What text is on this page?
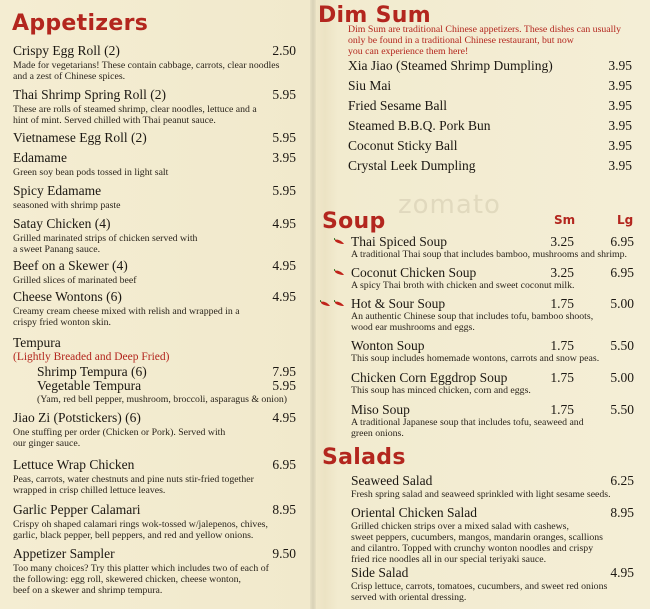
zomato
Appetizers
Crispy Egg Roll (2)	2.50
Made for vegetarians! These contain cabbage, carrots, clear noodles
and a zest of Chinese spices.
Thai Shrimp Spring Roll (2)	5.95
These are rolls of steamed shrimp, clear noodles, lettuce and a
hint of mint. Served chilled with Thai peanut sauce.
Vietnamese Egg Roll (2)	5.95
Edamame	3.95
Green soy bean pods tossed in light salt
Spicy Edamame	5.95
seasoned with shrimp paste
Satay Chicken (4)	4.95
Grilled marinated strips of chicken served with
a sweet Panang sauce.
Beef on a Skewer (4)	4.95
Grilled slices of marinated beef
Cheese Wontons (6)	4.95
Creamy cream cheese mixed with relish and wrapped in a
crispy fried wonton skin.
Tempura
(Lightly Breaded and Deep Fried)
Shrimp Tempura (6)	7.95
Vegetable Tempura	5.95
(Yam, red bell pepper, mushroom, broccoli, asparagus & onion)
Jiao Zi (Potstickers) (6)	4.95
One stuffing per order (Chicken or Pork). Served with
our ginger sauce.
Lettuce Wrap Chicken	6.95
Peas, carrots, water chestnuts and pine nuts stir-fried together
wrapped in crisp chilled lettuce leaves.
Garlic Pepper Calamari	8.95
Crispy oh shaped calamari rings wok-tossed w/jalepenos, chives,
garlic, black pepper, bell peppers, and red and yellow onions.
Appetizer Sampler	9.50
Too many choices? Try this platter which includes two of each of
the following: egg roll, skewered chicken, cheese wonton,
beef on a skewer and shrimp tempura.
Dim Sum
Dim Sum are traditional Chinese appetizers. These dishes can usually
only be found in a traditional Chinese restaurant, but now
you can experience them here!
Xia Jiao (Steamed Shrimp Dumpling)	3.95
Siu Mai	3.95
Fried Sesame Ball	3.95
Steamed B.B.Q. Pork Bun	3.95
Coconut Sticky Ball	3.95
Crystal Leek Dumpling	3.95
Soup	Sm	Lg
Thai Spiced Soup	3.25	6.95
A traditional Thai soup that includes bamboo, mushrooms and shrimp.
Coconut Chicken Soup	3.25	6.95
A spicy Thai broth with chicken and sweet coconut milk.
Hot & Sour Soup	1.75	5.00
An authentic Chinese soup that includes tofu, bamboo shoots,
wood ear mushrooms and eggs.
Wonton Soup	1.75	5.50
This soup includes homemade wontons, carrots and snow peas.
Chicken Corn Eggdrop Soup	1.75	5.00
This soup has minced chicken, corn and eggs.
Miso Soup	1.75	5.50
A traditional Japanese soup that includes tofu, seaweed and
green onions.
Salads
Seaweed Salad	6.25
Fresh spring salad and seaweed sprinkled with light sesame seeds.
Oriental Chicken Salad	8.95
Grilled chicken strips over a mixed salad with cashews,
sweet peppers, cucumbers, mangos, mandarin oranges, scallions
and cilantro. Topped with crunchy wonton noodles and crispy
fried rice noodles all in our special teriyaki sauce.
Side Salad	4.95
Crisp lettuce, carrots, tomatoes, cucumbers, and sweet red onions
served with oriental dressing.
